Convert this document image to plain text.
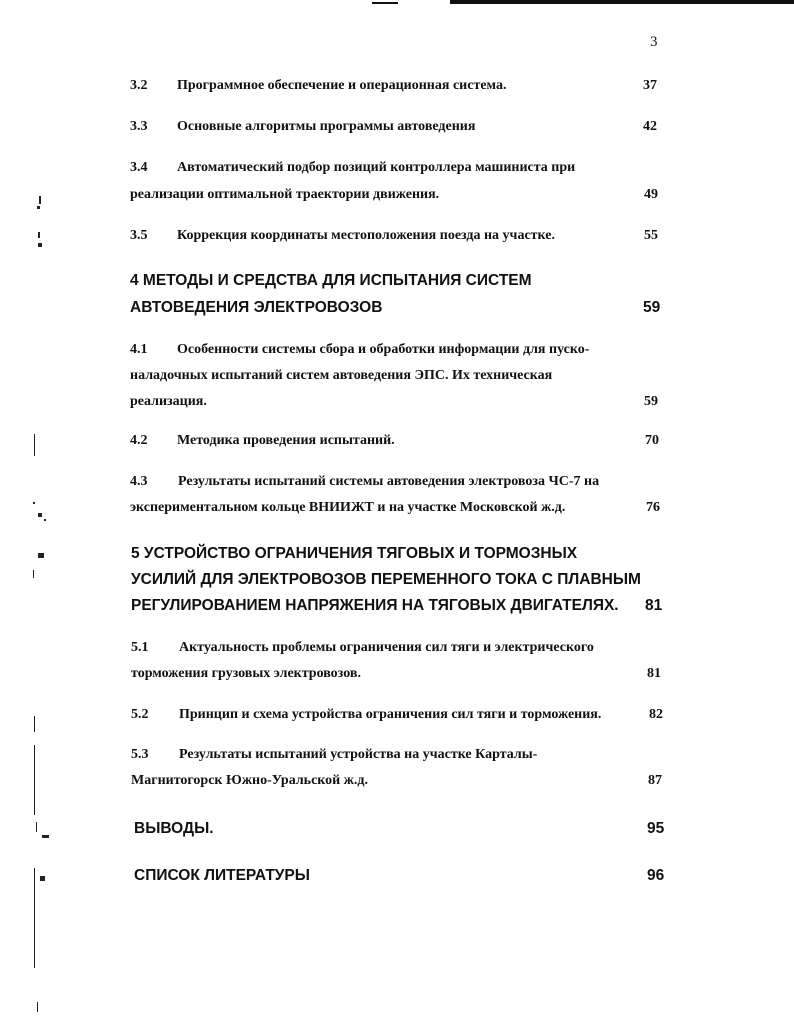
3
3.2 Программное обеспечение и операционная система.	37
3.3 Основные алгоритмы программы автоведения	42
3.4 Автоматический подбор позиций контроллера машиниста при
реализации оптимальной траектории движения.	49
3.5 Коррекция координаты местоположения поезда на участке.	55
4 МЕТОДЫ И СРЕДСТВА ДЛЯ ИСПЫТАНИЯ СИСТЕМ
АВТОВЕДЕНИЯ ЭЛЕКТРОВОЗОВ	59
4.1 Особенности системы сбора и обработки информации для пуско-
наладочных испытаний систем автоведения ЭПС. Их техническая
реализация.	59
4.2 Методика проведения испытаний.	70
4.3 Результаты испытаний системы автоведения электровоза ЧС-7 на
экспериментальном кольце ВНИИЖТ и на участке Московской ж.д.	76
5 УСТРОЙСТВО ОГРАНИЧЕНИЯ ТЯГОВЫХ И ТОРМОЗНЫХ
УСИЛИЙ ДЛЯ ЭЛЕКТРОВОЗОВ ПЕРЕМЕННОГО ТОКА С ПЛАВНЫМ
РЕГУЛИРОВАНИЕМ НАПРЯЖЕНИЯ НА ТЯГОВЫХ ДВИГАТЕЛЯХ. 81
5.1 Актуальность проблемы ограничения сил тяги и электрического
торможения грузовых электровозов.	81
5.2 Принцип и схема устройства ограничения сил тяги и торможения.	82
5.3 Результаты испытаний устройства на участке Карталы-
Магнитогорск Южно-Уральской ж.д.	87
ВЫВОДЫ.	95
СПИСОК ЛИТЕРАТУРЫ	96
